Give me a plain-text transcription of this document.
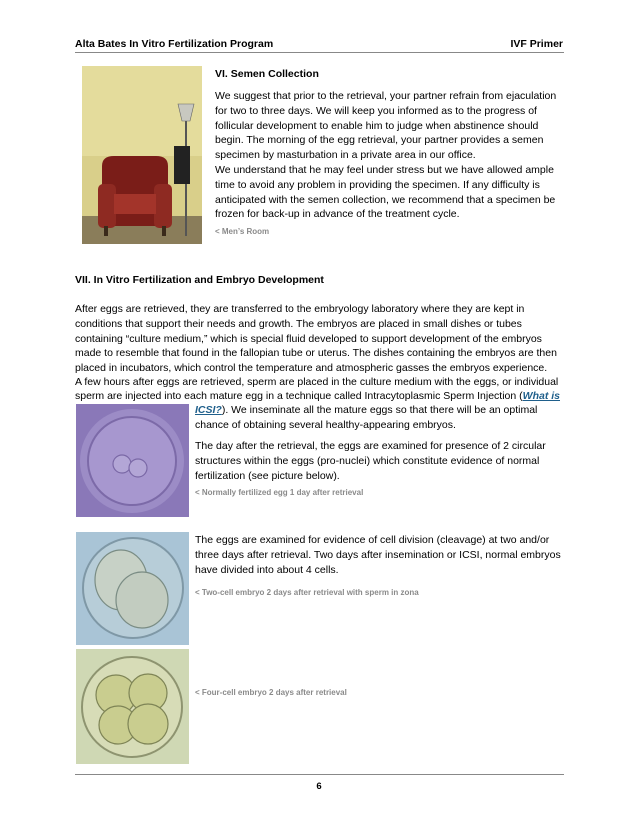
Alta Bates In Vitro Fertilization Program	IVF Primer
VI. Semen Collection
We suggest that prior to the retrieval, your partner refrain from ejaculation for two to three days. We will keep you informed as to the progress of follicular development to enable him to judge when abstinence should begin. The morning of the egg retrieval, your partner provides a semen specimen by masturbation in a private area in our office.
We understand that he may feel under stress but we have allowed ample time to avoid any problem in providing the specimen. If any difficulty is anticipated with the semen collection, we recommend that a specimen be frozen for back-up in advance of the treatment cycle.
< Men’s Room
VII. In Vitro Fertilization and Embryo Development
After eggs are retrieved, they are transferred to the embryology laboratory where they are kept in conditions that support their needs and growth. The embryos are placed in small dishes or tubes containing “culture medium,” which is special fluid developed to support development of the embryos made to resemble that found in the fallopian tube or uterus. The dishes containing the embryos are then placed in incubators, which control the temperature and atmospheric gasses the embryos experience.
A few hours after eggs are retrieved, sperm are placed in the culture medium with the eggs, or individual
sperm are injected into each mature egg in a technique called Intracytoplasmic Sperm Injection (What is
ICSI?). We inseminate all the mature eggs so that there will be an optimal chance of obtaining several healthy-appearing embryos.
The day after the retrieval, the eggs are examined for presence of 2 circular structures within the eggs (pro-nuclei) which constitute evidence of normal fertilization (see picture below).
< Normally fertilized egg 1 day after retrieval
The eggs are examined for evidence of cell division (cleavage) at two and/or three days after retrieval. Two days after insemination or ICSI, normal embryos have divided into about 4 cells.
< Two-cell embryo 2 days after retrieval with sperm in zona
< Four-cell embryo 2 days after retrieval
6
